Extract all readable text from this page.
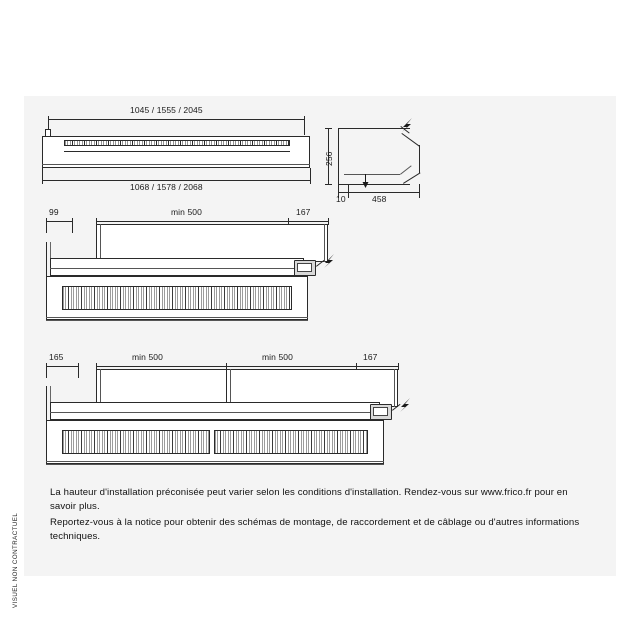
1045 / 1555 / 2045
1068 / 1578 / 2068
256
10	458
99	min 500	167
165	min 500	min 500	167
La hauteur d'installation préconisée peut varier selon les conditions d'installation. Rendez-vous sur www.frico.fr pour en savoir plus.
Reportez-vous à la notice pour obtenir des schémas de montage, de raccordement et de câblage ou d'autres informations
techniques.
VISUEL NON CONTRACTUEL
